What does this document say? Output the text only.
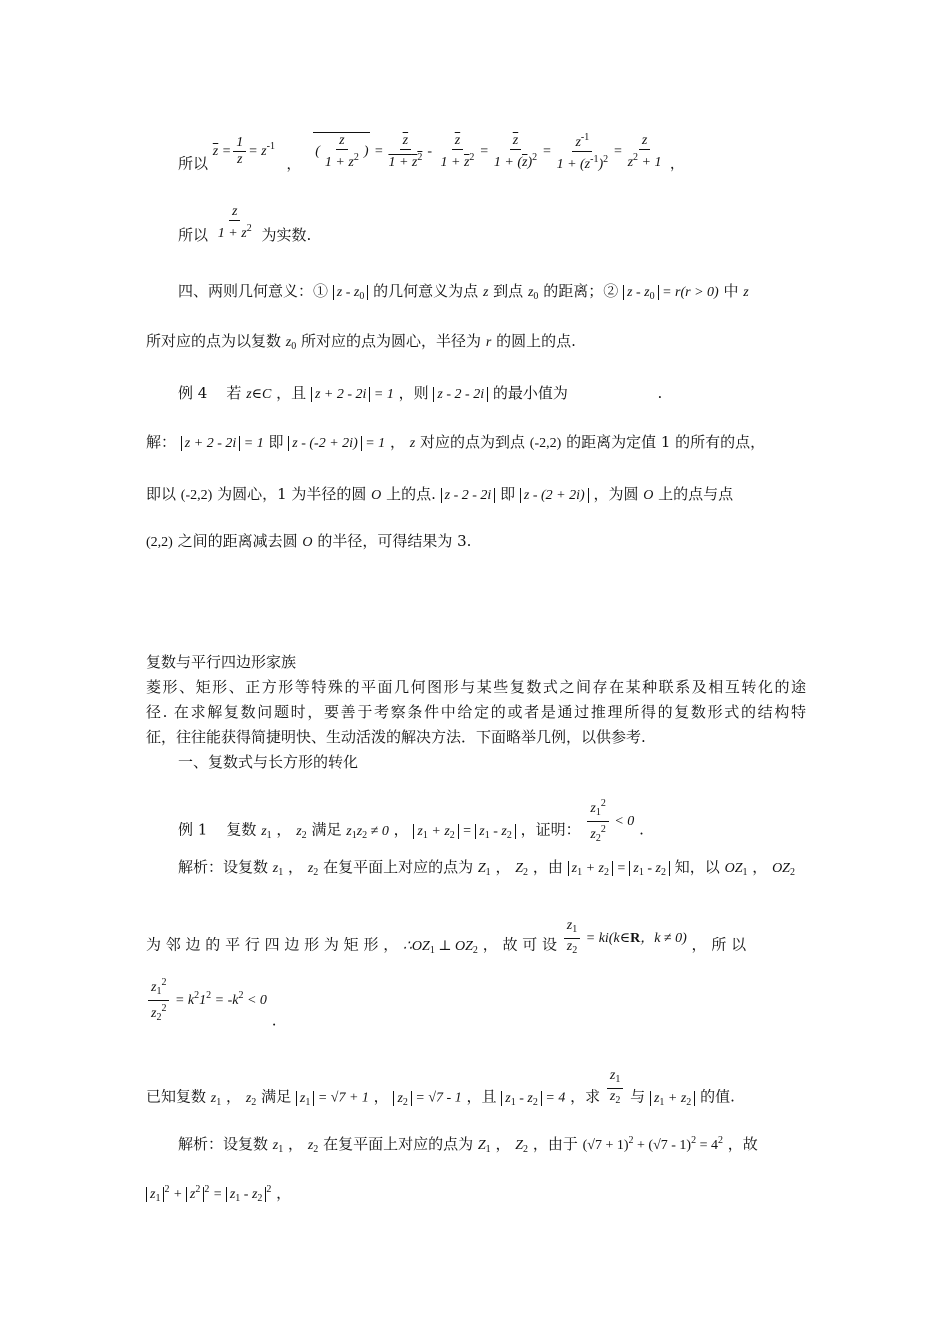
所以 $\overline{z} = \frac{1}{z} = z^{-1}$ ， ( $\frac{z}{1 + z^2}$ ) = $\frac{\overline{z}}{1 + z^2} - \frac{\overline{z}}{1 + \overline{z}^2} = \frac{\overline{z}}{1 + (\overline{z})^2} = \frac{z^{-1}}{1 + (z^{-1})^2} = \frac{z}{z^2 + 1}$ ，
所以 $\frac{z}{1 + z^2}$ 为实数.
四、两则几何意义：① z - $z_0$ 的几何意义为点 z 到点 $z_0$ 的距离；② $z - z_0 = r(r > 0)$ 中 z
所对应的点为以复数 $z_0$ 所对应的点为圆心，半径为 r 的圆上的点.
例 4 若 z∈C ，且 z + 2 - 2i = 1 ，则 z - 2 - 2i 的最小值为	.
解： z + 2 - 2i = 1 即 z - (-2 + 2i) = 1 ， z 对应的点为到点 (-2,2) 的距离为定值 1 的所有的点，
即以 (-2,2) 为圆心，1 为半径的圆 O 上的点. z - 2 - 2i 即 z - (2 + 2i) ，为圆 O 上的点与点
(2,2) 之间的距离减去圆 O 的半径，可得结果为 3.
复数与平行四边形家族
菱形、矩形、正方形等特殊的平面几何图形与某些复数式之间存在某种联系及相互转化的途
径. 在求解复数问题时，要善于考察条件中给定的或者是通过推理所得的复数形式的结构特
征，往往能获得简捷明快、生动活泼的解决方法．下面略举几例，以供参考.
一、复数式与长方形的转化
例 1 复数 $z_1$ ， $z_2$ 满足 $z_1z_2 \ne 0$ ， $z_1 + z_2 = z_1 - z_2$ ，证明： $\frac{z_1^2}{z_2^2} < 0$ .
解析：设复数 $z_1$ ， $z_2$ 在复平面上对应的点为 $Z_1$ ， $Z_2$ ，由 $z_1 + z_2 = z_1 - z_2$ 知，以 $OZ_1$ ， $OZ_2$
为 邻 边 的 平 行 四 边 形 为 矩 形 ， $\therefore OZ_1$ ⊥ $OZ_2$ ， 故 可 设 $\frac{z_1}{z_2}$ = ki(k∈R，k ≠ 0) ， 所 以
$\frac{z_1^2}{z_2^2} = k^21^2 = -k^2 < 0$ .
已知复数 $z_1$ ， $z_2$ 满足 $z_1 = √7 + 1$ ， $z_2 = √7 - 1$ ，且 $z_1 - z_2 = 4$ ，求 $\frac{z_1}{z_2}$ 与 $z_1 + z_2$ 的值.
解析：设复数 $z_1$ ， $z_2$ 在复平面上对应的点为 $Z_1$ ， $Z_2$ ，由于 $(√7 + 1)^2 + (√7 - 1)^2 = 4^2$ ，故
$z_1^2 + z^2$ $^2 = z_1 - z_2^2$ ，
